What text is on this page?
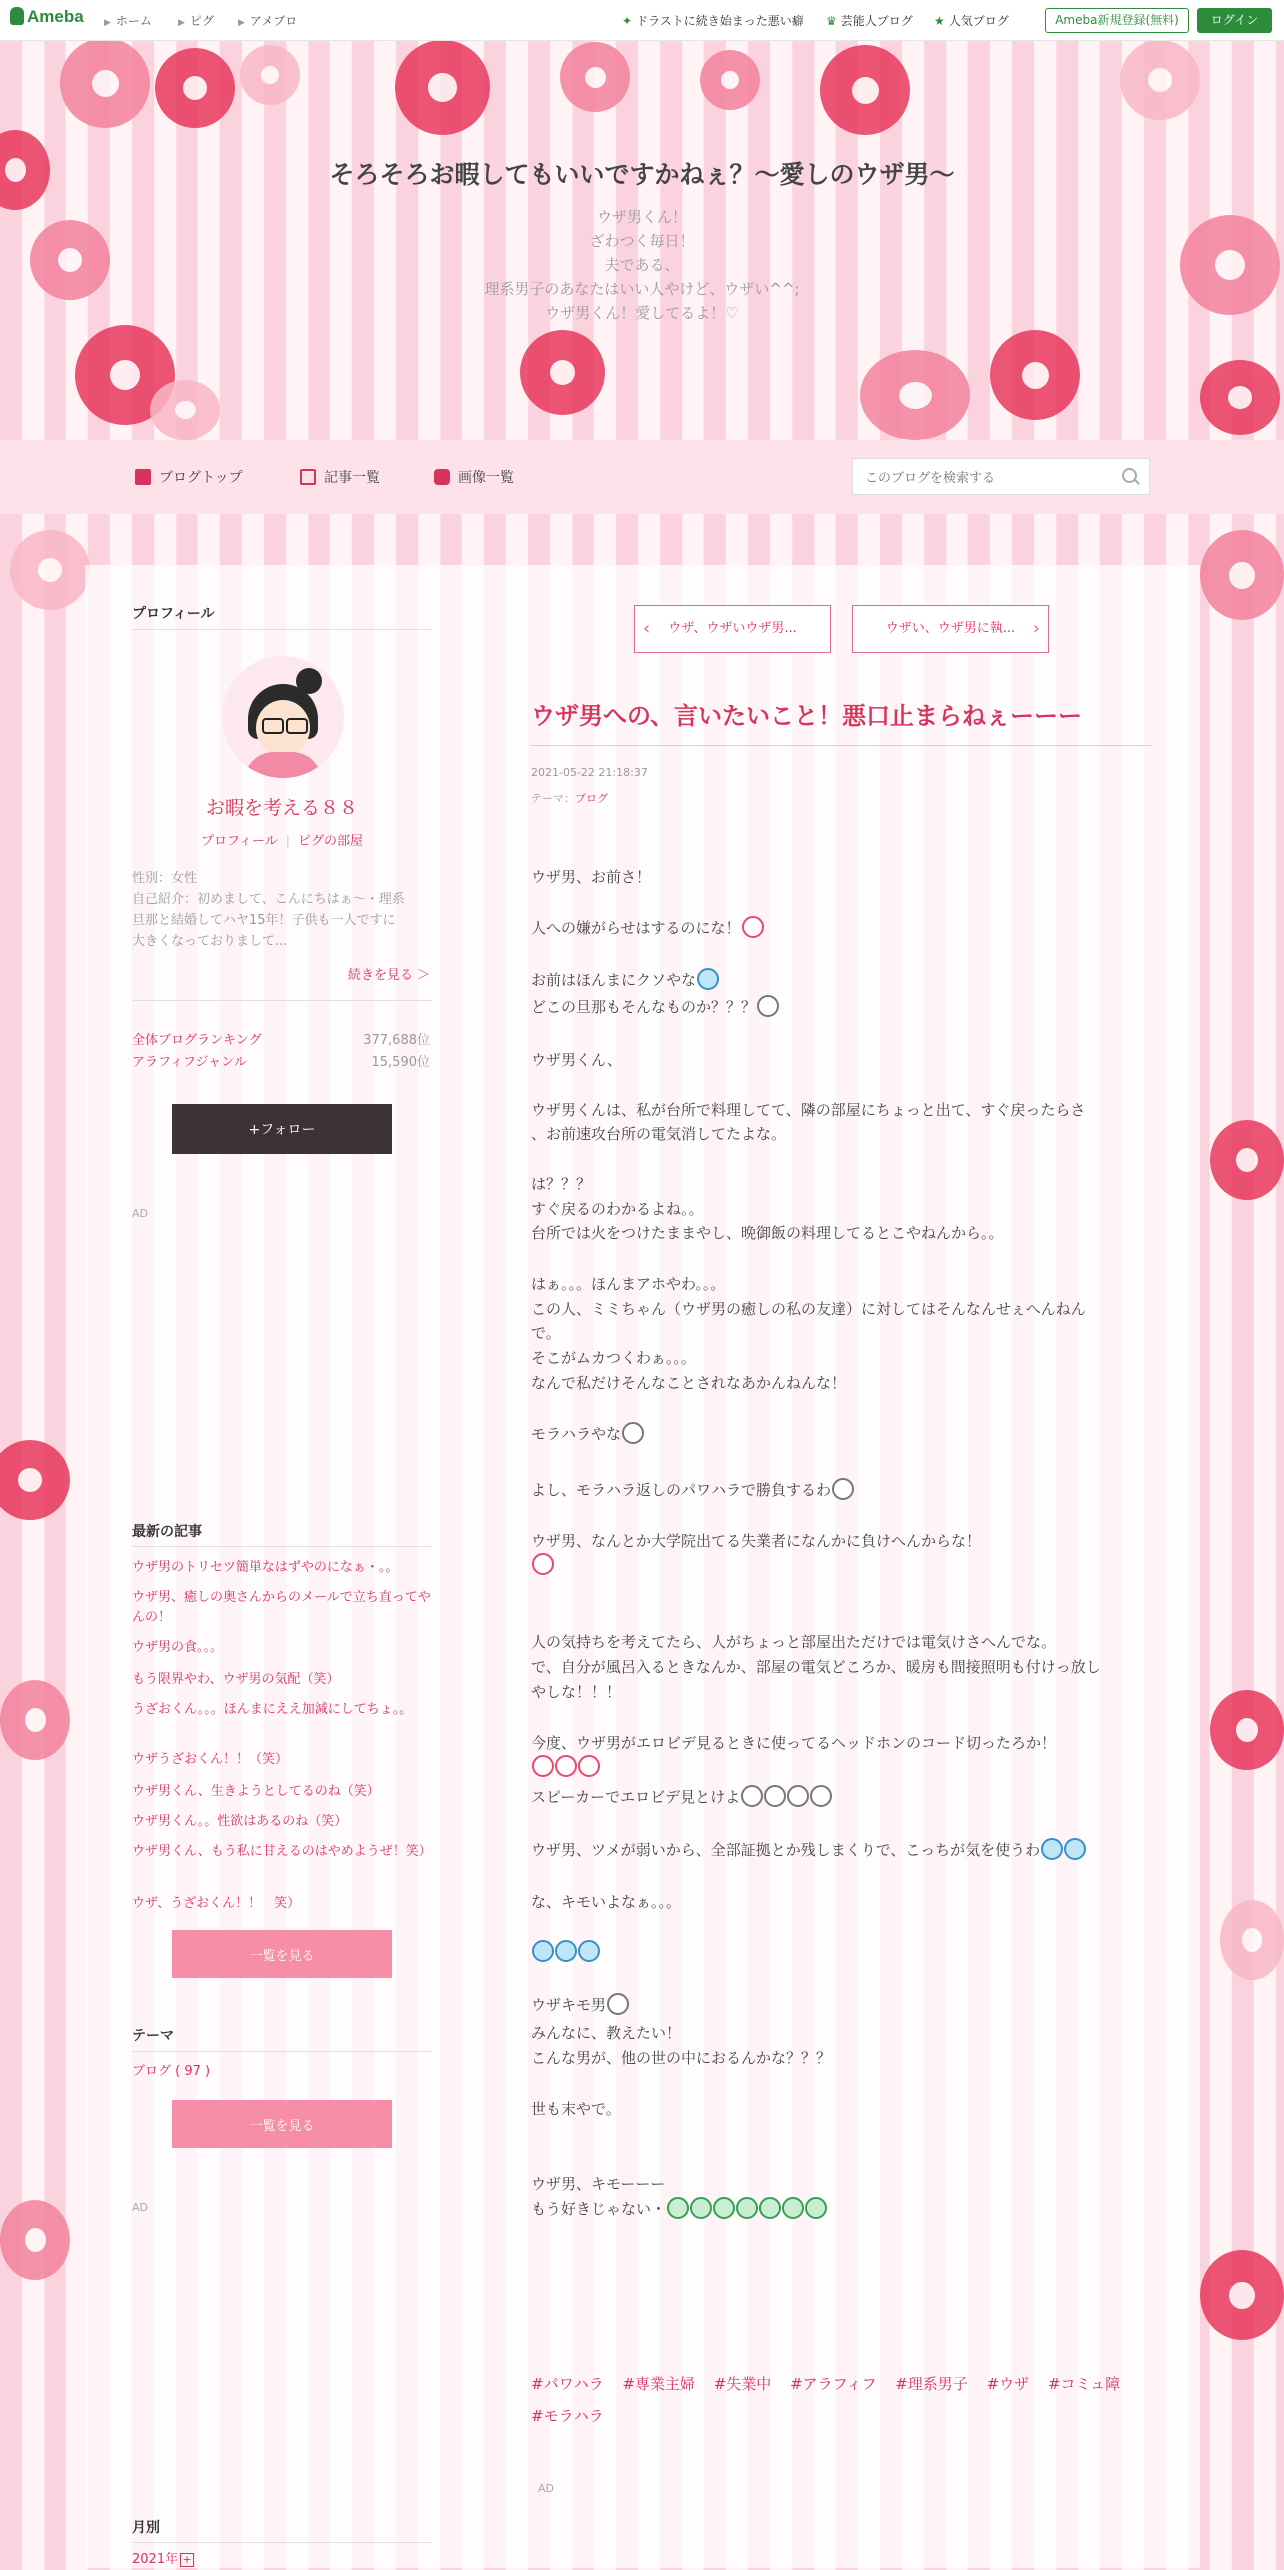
Ameba ▶ ホーム	▶ ピグ	▶ アメブロ	✦ ドラストに続き始まった悪い癖 ♛ 芸能人ブログ ★ 人気ブログ	Ameba新規登録(無料)	ログイン
そろそろお暇してもいいですかねぇ？〜愛しのウザ男〜
ウザ男くん！
ざわつく毎日！
夫である、
理系男子のあなたはいい人やけど、ウザい^^;
ウザ男くん！愛してるよ！♡
ブログトップ	記事一覧	画像一覧
このブログを検索する
プロフィール
お暇を考える８８
プロフィール | ピグの部屋
性別：女性
自己紹介：初めまして、こんにちはぁ〜・理系
旦那と結婚してハヤ15年！子供も一人ですに
大きくなっておりまして...
続きを見る ＞
全体ブログランキング	377,688位
アラフィフジャンル	15,590位
+フォロー
AD
最新の記事
ウザ男のトリセツ簡単なはずやのになぁ・。。
ウザ男、癒しの奥さんからのメールで立ち直ってやんの！
ウザ男の食。。。
もう限界やわ、ウザ男の気配（笑）
うざおくん。。。ほんまにええ加減にしてちょ。。
ウザうざおくん！！（笑）
ウザ男くん、生きようとしてるのね（笑）
ウザ男くん。。性欲はあるのね（笑）
ウザ男くん、もう私に甘えるのはやめようぜ！笑）
ウザ、うざおくん！！　笑）
一覧を見る
テーマ
ブログ ( 97 )
一覧を見る
AD
月別
2021年 +
‹ ウザ、ウザいウザ男...	ウザい、ウザ男に執... ›
ウザ男への、言いたいこと！悪口止まらねぇーーー
2021-05-22 21:18:37
テーマ：ブログ
ウザ男、お前さ！
人への嫌がらせはするのにな！
お前はほんまにクソやな
どこの旦那もそんなものか？？？
ウザ男くん、
ウザ男くんは、私が台所で料理してて、隣の部屋にちょっと出て、すぐ戻ったらさ
、お前速攻台所の電気消してたよな。
は？？？
すぐ戻るのわかるよね。。
台所では火をつけたままやし、晩御飯の料理してるとこやねんから。。
はぁ。。。ほんまアホやわ。。。
この人、ミミちゃん（ウザ男の癒しの私の友達）に対してはそんなんせぇへんねん
で。
そこがムカつくわぁ。。。
なんで私だけそんなことされなあかんねんな！
モラハラやな
よし、モラハラ返しのパワハラで勝負するわ
ウザ男、なんとか大学院出てる失業者になんかに負けへんからな！
人の気持ちを考えてたら、人がちょっと部屋出ただけでは電気けさへんでな。
で、自分が風呂入るときなんか、部屋の電気どころか、暖房も間接照明も付けっ放し
やしな！！！
今度、ウザ男がエロビデ見るときに使ってるヘッドホンのコード切ったろか！
スピーカーでエロビデ見とけよ
ウザ男、ツメが弱いから、全部証拠とか残しまくりで、こっちが気を使うわ
な、キモいよなぁ。。。
ウザキモ男
みんなに、教えたい！
こんな男が、他の世の中におるんかな？？？
世も末やで。
ウザ男、キモーーー
もう好きじゃない・
#パワハラ #専業主婦 #失業中 #アラフィフ #理系男子 #ウザ #コミュ障 #モラハラ
AD
